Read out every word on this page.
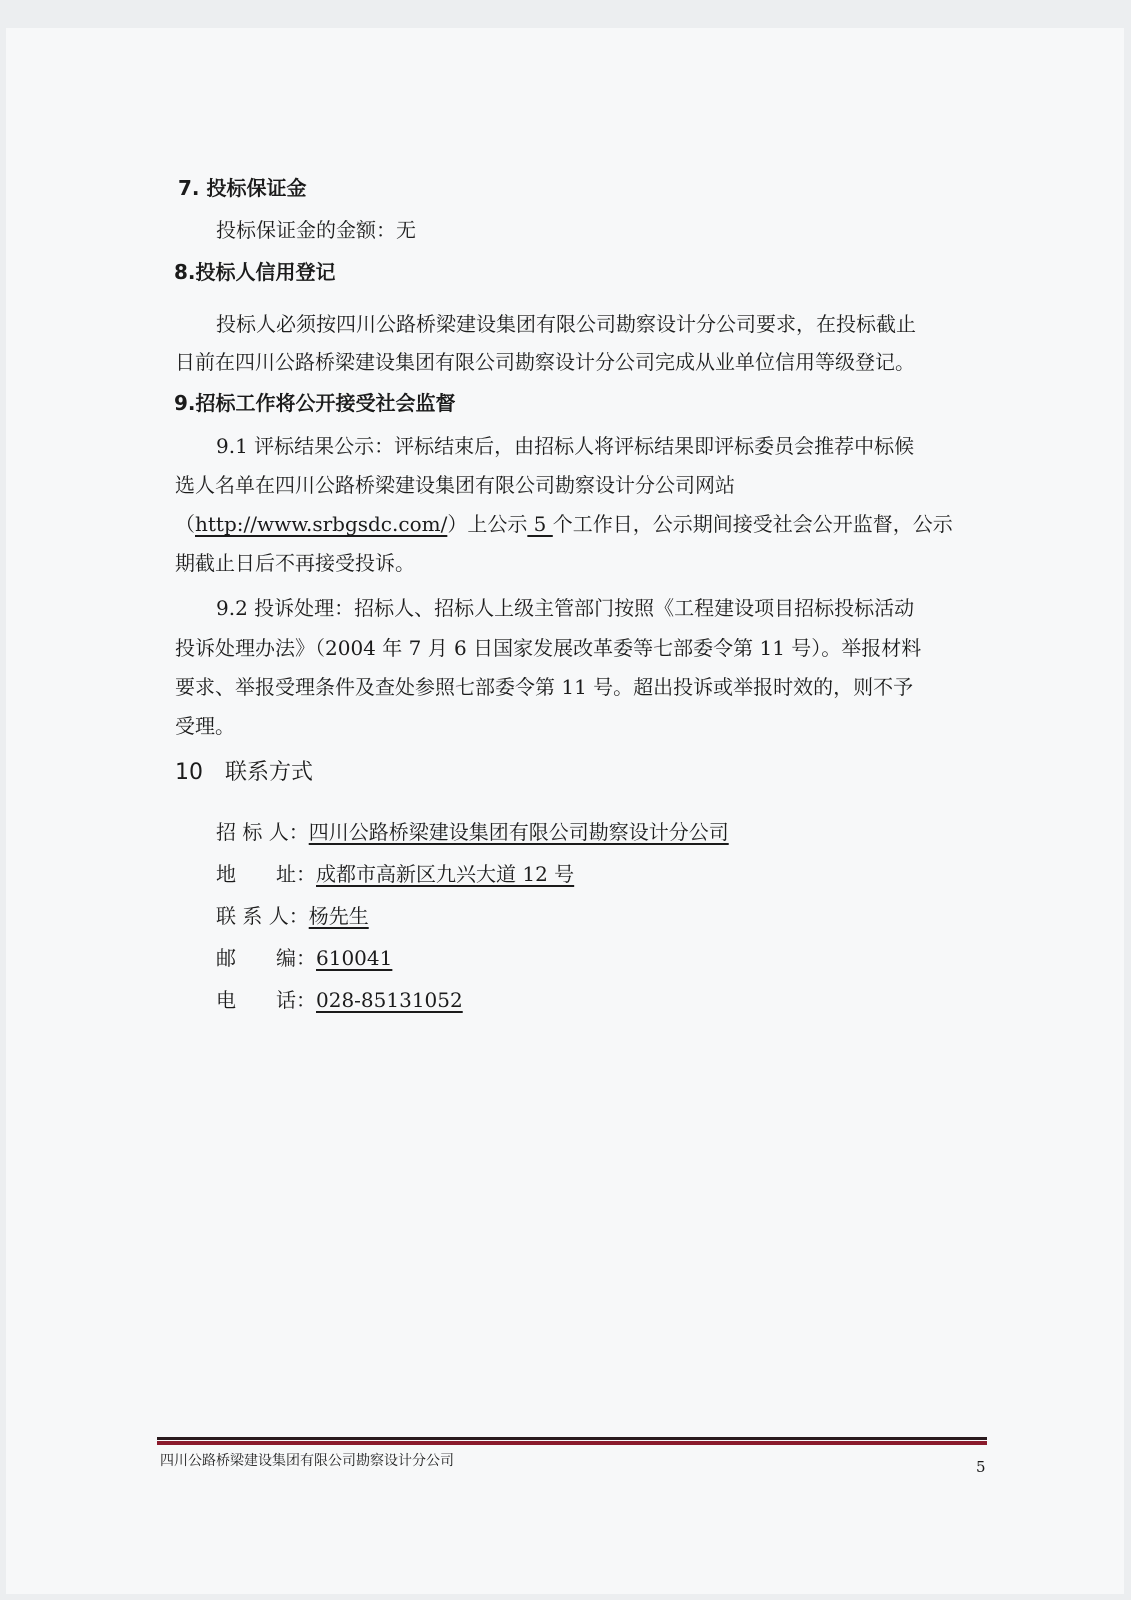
7. 投标保证金
投标保证金的金额：无
8.投标人信用登记
投标人必须按四川公路桥梁建设集团有限公司勘察设计分公司要求，在投标截止
日前在四川公路桥梁建设集团有限公司勘察设计分公司完成从业单位信用等级登记。
9.招标工作将公开接受社会监督
9.1 评标结果公示：评标结束后，由招标人将评标结果即评标委员会推荐中标候
选人名单在四川公路桥梁建设集团有限公司勘察设计分公司网站
（http://www.srbgsdc.com/）上公示 5 个工作日，公示期间接受社会公开监督，公示
期截止日后不再接受投诉。
9.2 投诉处理：招标人、招标人上级主管部门按照《工程建设项目招标投标活动
投诉处理办法》（2004 年 7 月 6 日国家发展改革委等七部委令第 11 号）。举报材料
要求、举报受理条件及查处参照七部委令第 11 号。超出投诉或举报时效的，则不予
受理。
10　联系方式
招 标 人：四川公路桥梁建设集团有限公司勘察设计分公司
地　　址：成都市高新区九兴大道 12 号
联 系 人：杨先生
邮　　编：610041
电　　话：028-85131052
四川公路桥梁建设集团有限公司勘察设计分公司	5
